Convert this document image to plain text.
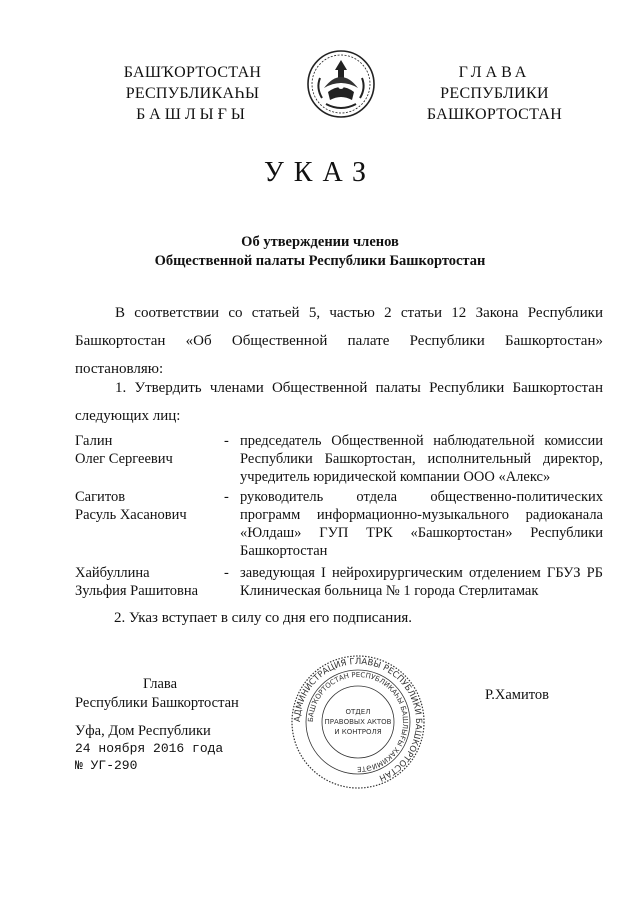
БАШҠОРТОСТАН
РЕСПУБЛИКАҺЫ
БАШЛЫҒЫ
ГЛАВА
РЕСПУБЛИКИ
БАШКОРТОСТАН
УКАЗ
Об утверждении членов
Общественной палаты Республики Башкортостан
В соответствии со статьей 5, частью 2 статьи 12 Закона Республики
Башкортостан «Об Общественной палате Республики Башкортостан»
постановляю:
1. Утвердить членами Общественной палаты Республики Башкортостан
следующих лиц:
Галин
Олег Сергеевич
- председатель Общественной наблюдательной комиссии
Республики Башкортостан, исполнительный директор,
учредитель юридической компании ООО «Алекс»
Сагитов
Расуль Хасанович
- руководитель отдела общественно-политических
программ информационно-музыкального радиоканала
«Юлдаш» ГУП ТРК «Башкортостан» Республики
Башкортостан
Хайбуллина
Зульфия Рашитовна
- заведующая I нейрохирургическим отделением ГБУЗ РБ
Клиническая больница № 1 города Стерлитамак
2. Указ вступает в силу со дня его подписания.
Глава
Республики Башкортостан	Р.Хамитов
Уфа, Дом Республики
24 ноября 2016 года
№ УГ-290
АДМИНИСТРАЦИЯ ГЛАВЫ РЕСПУБЛИКИ БАШКОРТОСТАН
БАШҠОРТОСТАН РЕСПУБЛИКАҺЫ БАШЛЫҒЫ ХАКИМИӘТЕ
ОТДЕЛ
ПРАВОВЫХ АКТОВ
И КОНТРОЛЯ
